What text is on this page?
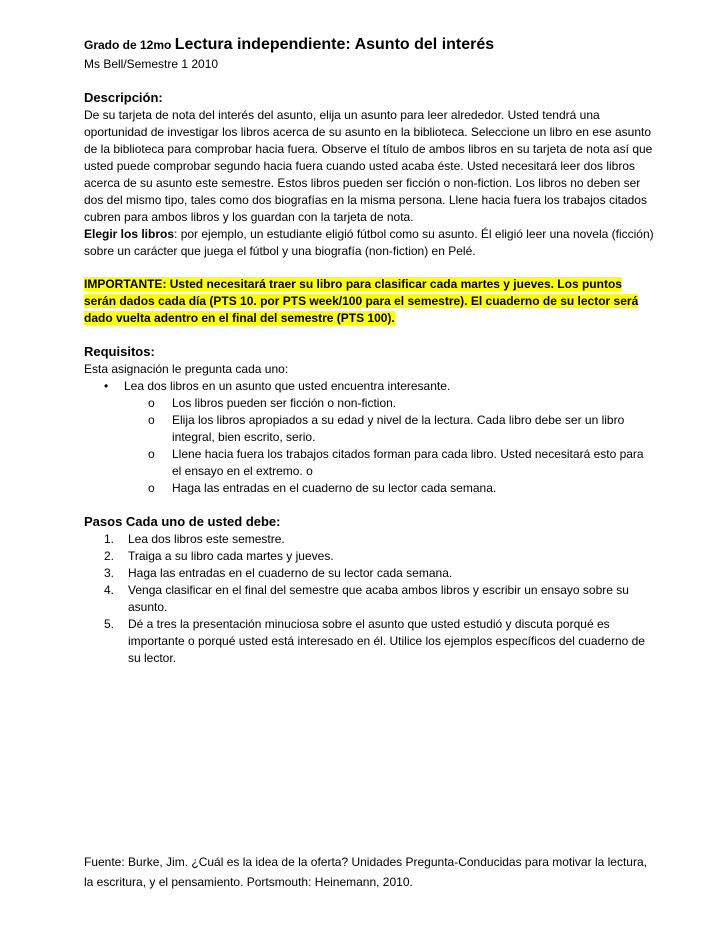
Grado de 12mo Lectura independiente: Asunto del interés

Ms Bell/Semestre 1 2010

Descripción:

De su tarjeta de nota del interés del asunto, elija un asunto para leer alrededor. Usted tendrá una oportunidad de investigar los libros acerca de su asunto en la biblioteca. Seleccione un libro en ese asunto de la biblioteca para comprobar hacia fuera. Observe el título de ambos libros en su tarjeta de nota así que usted puede comprobar segundo hacia fuera cuando usted acaba éste. Usted necesitará leer dos libros acerca de su asunto este semestre. Estos libros pueden ser ficción o non-fiction. Los libros no deben ser dos del mismo tipo, tales como dos biografías en la misma persona. Llene hacia fuera los trabajos citados cubren para ambos libros y los guardan con la tarjeta de nota.
Elegir los libros: por ejemplo, un estudiante eligió fútbol como su asunto. Él eligió leer una novela (ficción) sobre un carácter que juega el fútbol y una biografía (non-fiction) en Pelé.

IMPORTANTE: Usted necesitará traer su libro para clasificar cada martes y jueves. Los puntos serán dados cada día (PTS 10. por PTS week/100 para el semestre). El cuaderno de su lector será dado vuelta adentro en el final del semestre (PTS 100).

Requisitos:

Esta asignación le pregunta cada uno:

• Lea dos libros en un asunto que usted encuentra interesante.
o Los libros pueden ser ficción o non-fiction.
o Elija los libros apropiados a su edad y nivel de la lectura. Cada libro debe ser un libro integral, bien escrito, serio.
o Llene hacia fuera los trabajos citados forman para cada libro. Usted necesitará esto para el ensayo en el extremo. o
o Haga las entradas en el cuaderno de su lector cada semana.
Pasos Cada uno de usted debe:
1. Lea dos libros este semestre.
2. Traiga a su libro cada martes y jueves.
3. Haga las entradas en el cuaderno de su lector cada semana.
4. Venga clasificar en el final del semestre que acaba ambos libros y escribir un ensayo sobre su asunto.
5. Dé a tres la presentación minuciosa sobre el asunto que usted estudió y discuta porqué es importante o porqué usted está interesado en él. Utilice los ejemplos específicos del cuaderno de su lector.

Fuente: Burke, Jim. ¿Cuál es la idea de la oferta? Unidades Pregunta-Conducidas para motivar la lectura, la escritura, y el pensamiento. Portsmouth: Heinemann, 2010.
